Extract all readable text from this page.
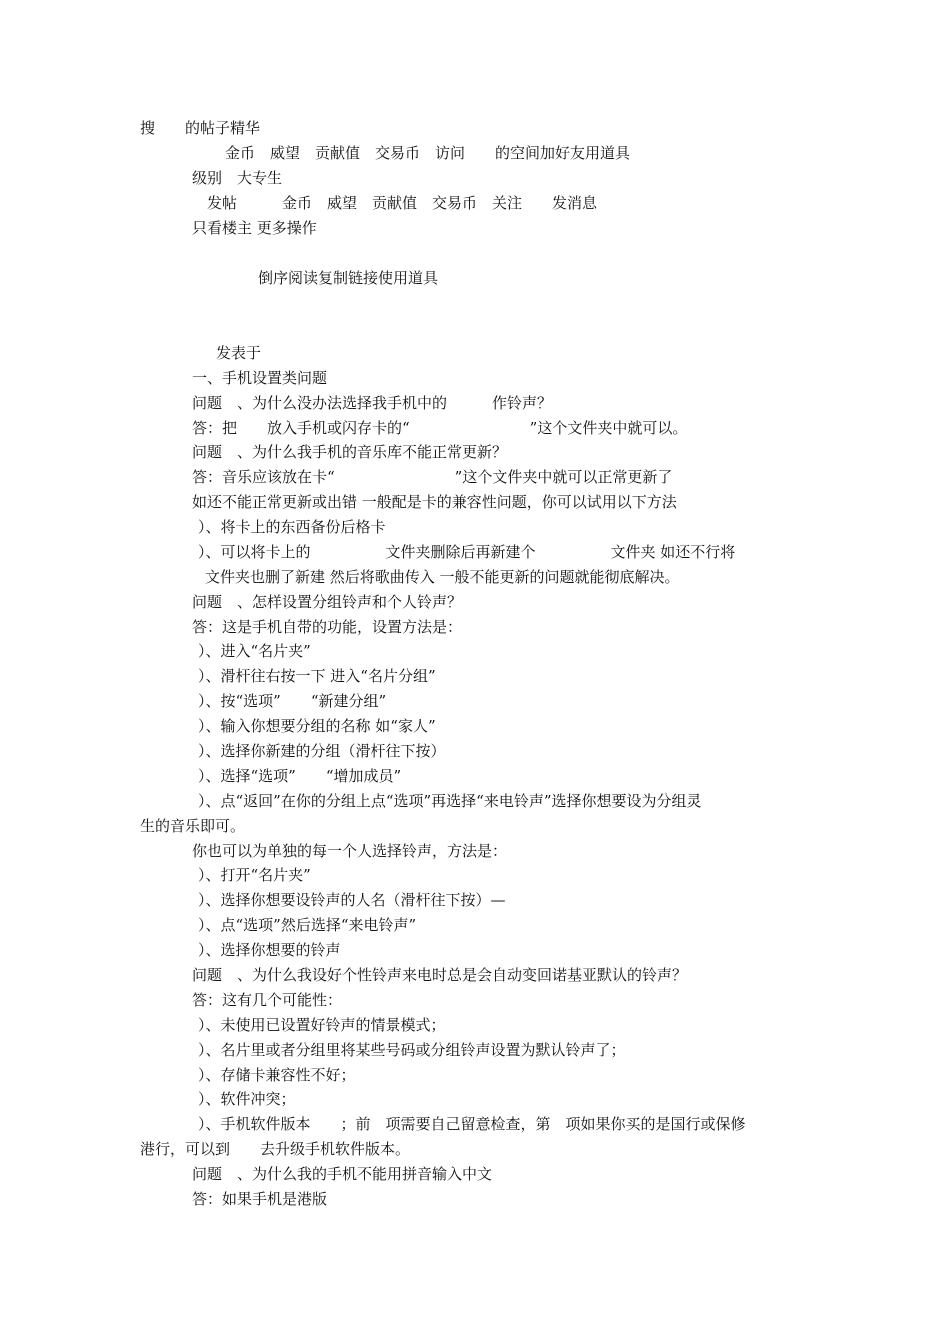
搜　　的帖子精华
金币　威望　贡献值　交易币　访问　　的空间加好友用道具
级别　大专生
发帖　　　金币　威望　贡献值　交易币　关注　　发消息
只看楼主 更多操作
倒序阅读复制链接使用道具
发表于
一、手机设置类问题
问题　、为什么没办法选择我手机中的　　　作铃声？
答：把　　放入手机或闪存卡的“　　　　　　　　”这个文件夹中就可以。
问题　、为什么我手机的音乐库不能正常更新？
答：音乐应该放在卡“　　　　　　　　”这个文件夹中就可以正常更新了
如还不能正常更新或出错 一般配是卡的兼容性问题，你可以试用以下方法
）、将卡上的东西备份后格卡
）、可以将卡上的　　　　　文件夹删除后再新建个　　　　　文件夹 如还不行将
文件夹也删了新建 然后将歌曲传入 一般不能更新的问题就能彻底解决。
问题　、怎样设置分组铃声和个人铃声？
答：这是手机自带的功能，设置方法是：
）、进入“名片夹”
）、滑杆往右按一下 进入“名片分组”
）、按“选项”　　“新建分组”
）、输入你想要分组的名称 如“家人”
）、选择你新建的分组（滑杆往下按）
）、选择“选项”　　“增加成员”
）、点“返回”在你的分组上点“选项”再选择“来电铃声”选择你想要设为分组灵
生的音乐即可。
你也可以为单独的每一个人选择铃声，方法是：
）、打开“名片夹”
）、选择你想要设铃声的人名（滑杆往下按）—
）、点“选项”然后选择“来电铃声”
）、选择你想要的铃声
问题　、为什么我设好个性铃声来电时总是会自动变回诺基亚默认的铃声？
答：这有几个可能性：
）、未使用已设置好铃声的情景模式；
）、名片里或者分组里将某些号码或分组铃声设置为默认铃声了；
）、存储卡兼容性不好；
）、软件冲突；
）、手机软件版本　　；前　项需要自己留意检查，第　项如果你买的是国行或保修
港行，可以到　　去升级手机软件版本。
问题　、为什么我的手机不能用拼音输入中文
答：如果手机是港版
